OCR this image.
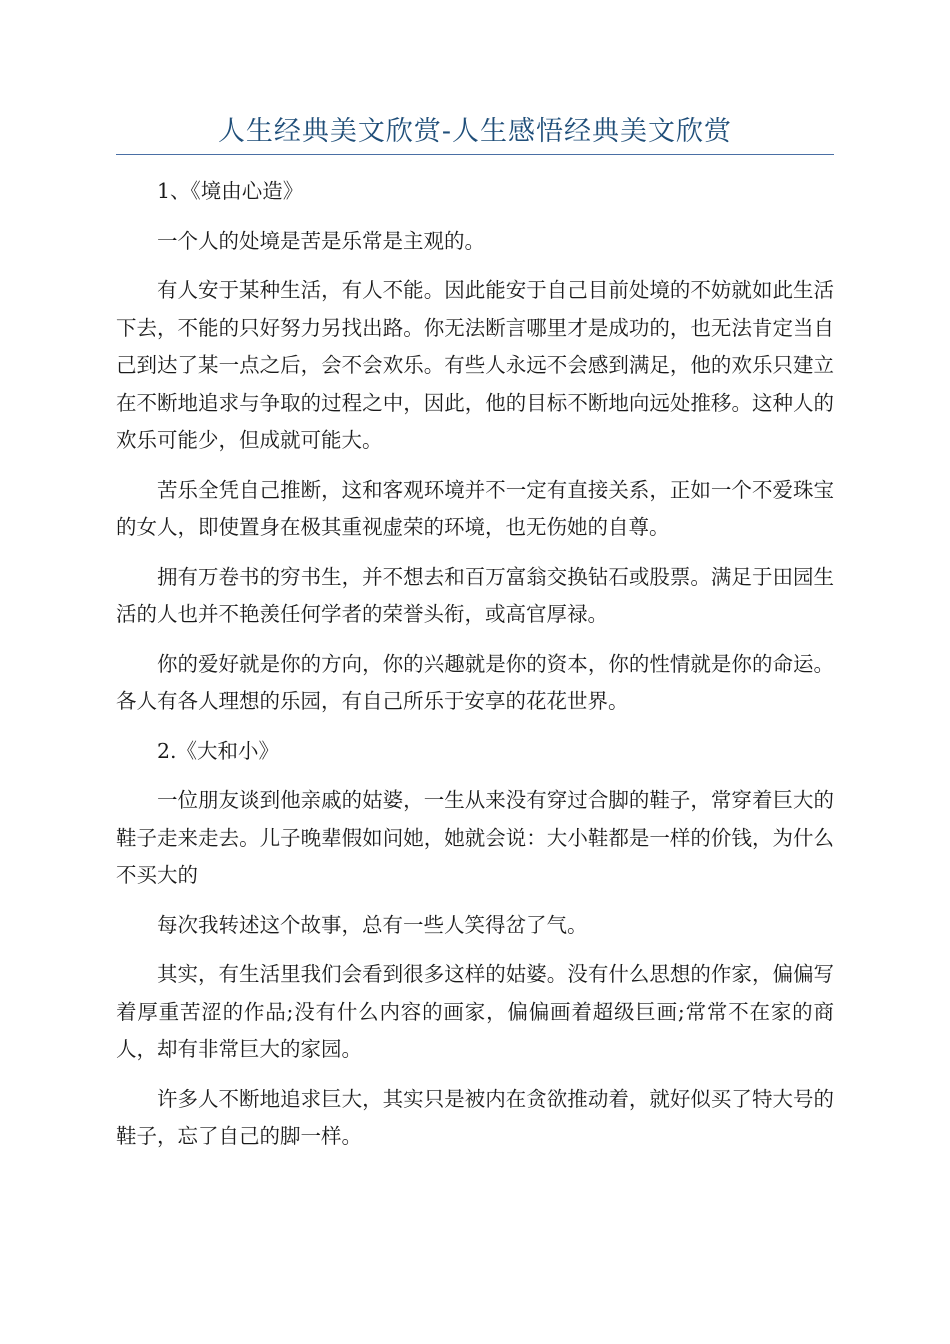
人生经典美文欣赏-人生感悟经典美文欣赏

1、《境由心造》

一个人的处境是苦是乐常是主观的。

有人安于某种生活，有人不能。因此能安于自己目前处境的不妨就如此生活下去，不能的只好努力另找出路。你无法断言哪里才是成功的，也无法肯定当自己到达了某一点之后，会不会欢乐。有些人永远不会感到满足，他的欢乐只建立在不断地追求与争取的过程之中，因此，他的目标不断地向远处推移。这种人的欢乐可能少，但成就可能大。

苦乐全凭自己推断，这和客观环境并不一定有直接关系，正如一个不爱珠宝的女人，即使置身在极其重视虚荣的环境，也无伤她的自尊。

拥有万卷书的穷书生，并不想去和百万富翁交换钻石或股票。满足于田园生活的人也并不艳羡任何学者的荣誉头衔，或高官厚禄。

你的爱好就是你的方向，你的兴趣就是你的资本，你的性情就是你的命运。各人有各人理想的乐园，有自己所乐于安享的花花世界。

2.《大和小》

一位朋友谈到他亲戚的姑婆，一生从来没有穿过合脚的鞋子，常穿着巨大的鞋子走来走去。儿子晚辈假如问她，她就会说：大小鞋都是一样的价钱，为什么不买大的

每次我转述这个故事，总有一些人笑得岔了气。

其实，有生活里我们会看到很多这样的姑婆。没有什么思想的作家，偏偏写着厚重苦涩的作品;没有什么内容的画家，偏偏画着超级巨画;常常不在家的商人，却有非常巨大的家园。

许多人不断地追求巨大，其实只是被内在贪欲推动着，就好似买了特大号的鞋子，忘了自己的脚一样。
